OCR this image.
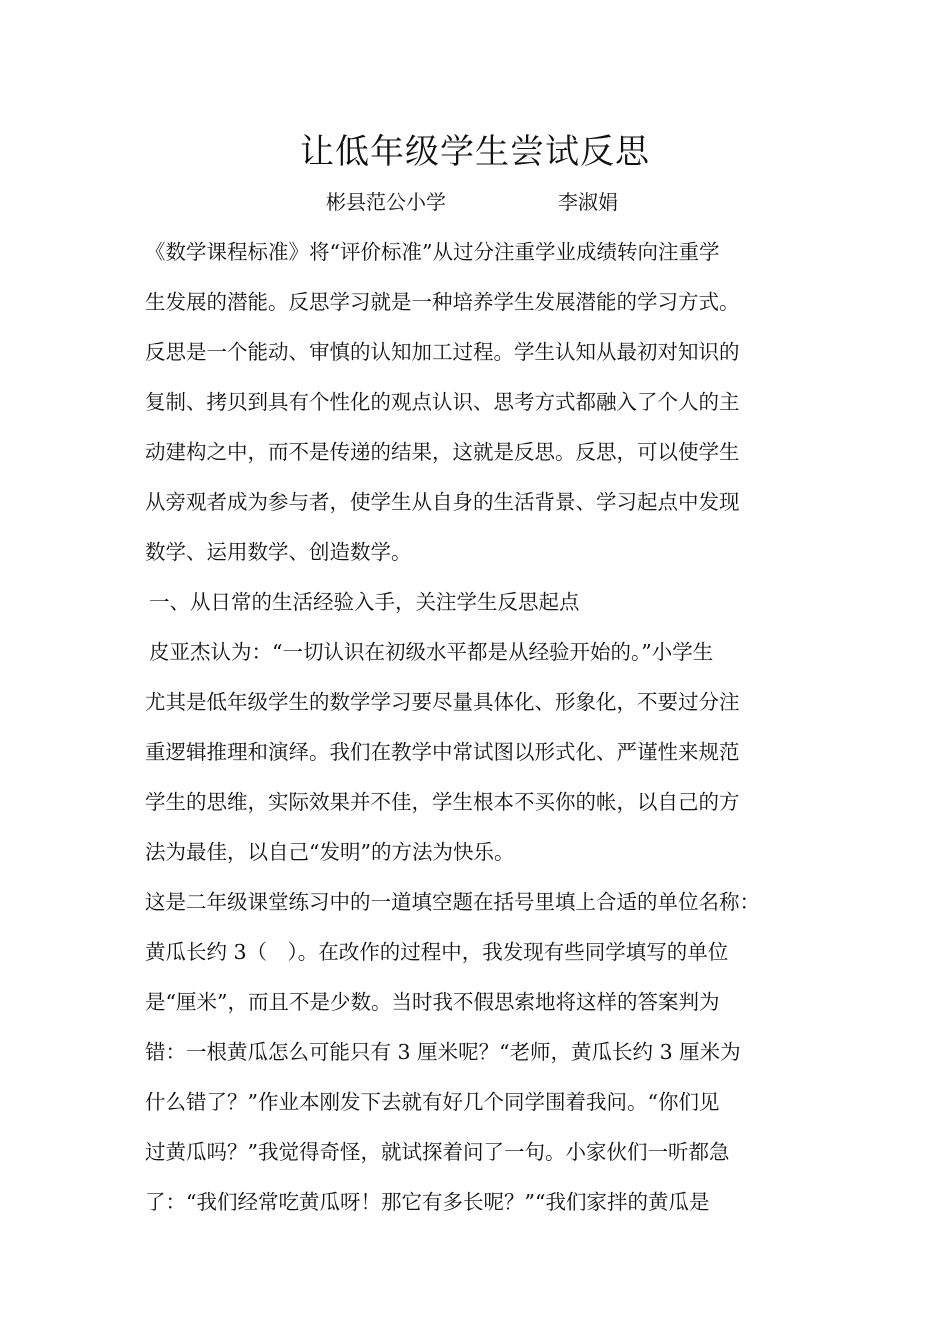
让低年级学生尝试反思
彬县范公小学	李淑娟
《数学课程标准》将“评价标准”从过分注重学业成绩转向注重学
生发展的潜能。反思学习就是一种培养学生发展潜能的学习方式。
反思是一个能动、审慎的认知加工过程。学生认知从最初对知识的
复制、拷贝到具有个性化的观点认识、思考方式都融入了个人的主
动建构之中，而不是传递的结果，这就是反思。反思，可以使学生
从旁观者成为参与者，使学生从自身的生活背景、学习起点中发现
数学、运用数学、创造数学。
一、从日常的生活经验入手，关注学生反思起点
皮亚杰认为：“一切认识在初级水平都是从经验开始的。”小学生
尤其是低年级学生的数学学习要尽量具体化、形象化，不要过分注
重逻辑推理和演绎。我们在教学中常试图以形式化、严谨性来规范
学生的思维，实际效果并不佳，学生根本不买你的帐，以自己的方
法为最佳，以自己“发明”的方法为快乐。
这是二年级课堂练习中的一道填空题在括号里填上合适的单位名称：
黄瓜长约 3（　）。在改作的过程中，我发现有些同学填写的单位
是“厘米”，而且不是少数。当时我不假思索地将这样的答案判为
错：一根黄瓜怎么可能只有 3 厘米呢？“老师，黄瓜长约 3 厘米为
什么错了？”作业本刚发下去就有好几个同学围着我问。“你们见
过黄瓜吗？”我觉得奇怪，就试探着问了一句。小家伙们一听都急
了：“我们经常吃黄瓜呀！那它有多长呢？”“我们家拌的黄瓜是
